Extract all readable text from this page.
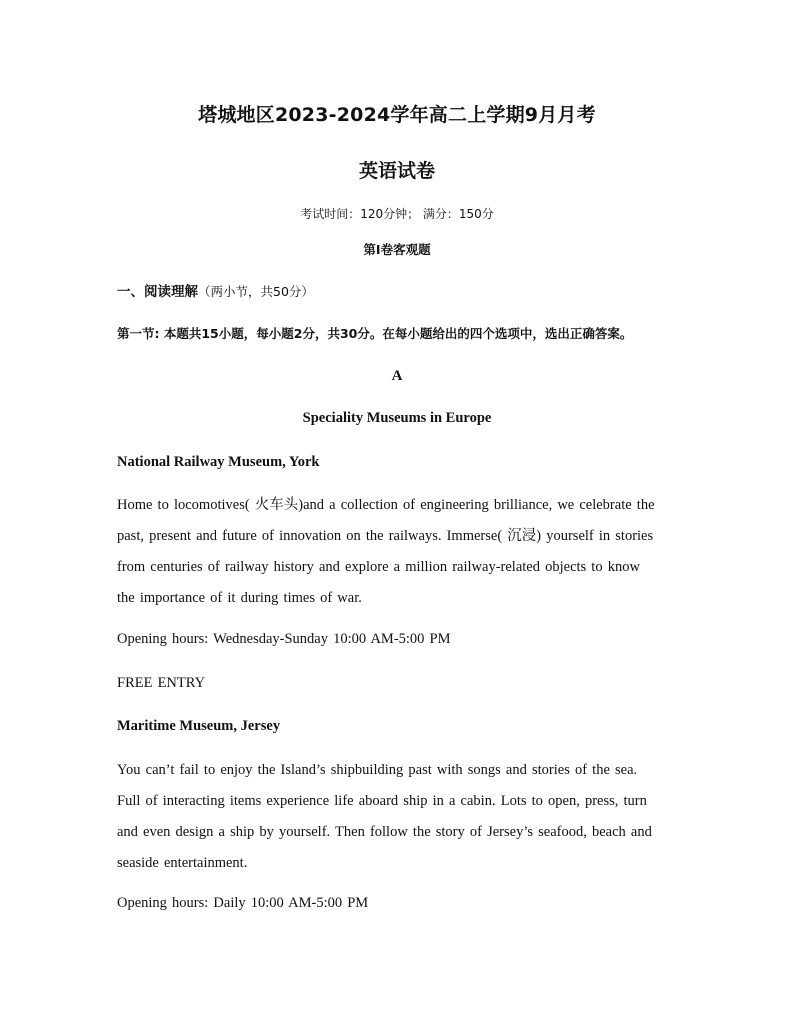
塔城地区2023-2024学年高二上学期9月月考
英语试卷
考试时间：120分钟； 满分：150分
第I卷客观题
一、阅读理解（两小节，共50分）
第一节: 本题共15小题，每小题2分，共30分。在每小题给出的四个选项中，选出正确答案。
A
Speciality Museums in Europe
National Railway Museum, York
Home to locomotives( 火车头)and a collection of engineering brilliance, we celebrate the
past, present and future of innovation on the railways. Immerse( 沉浸) yourself in stories
from centuries of railway history and explore a million railway-related objects to know
the importance of it during times of war.
Opening hours: Wednesday-Sunday 10:00 AM-5:00 PM
FREE ENTRY
Maritime Museum, Jersey
You can’t fail to enjoy the Island’s shipbuilding past with songs and stories of the sea.
Full of interacting items experience life aboard ship in a cabin. Lots to open, press, turn
and even design a ship by yourself. Then follow the story of Jersey’s seafood, beach and
seaside entertainment.
Opening hours: Daily 10:00 AM-5:00 PM
